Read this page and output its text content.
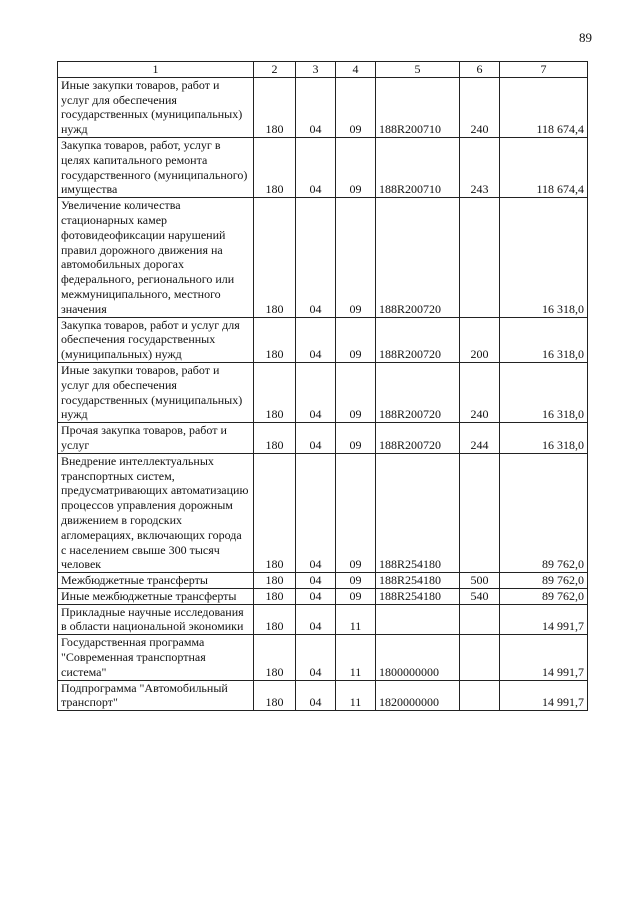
89
1	2	3	4	5	6	7
Иные закупки товаров, работ и услуг для обеспечения государственных (муниципальных) нужд	180	04	09	188R200710	240	118 674,4
Закупка товаров, работ, услуг в целях капитального ремонта государственного (муниципального) имущества	180	04	09	188R200710	243	118 674,4
Увеличение количества стационарных камер фотовидеофиксации нарушений правил дорожного движения на автомобильных дорогах федерального, регионального или межмуниципального, местного значения	180	04	09	188R200720		16 318,0
Закупка товаров, работ и услуг для обеспечения государственных (муниципальных) нужд	180	04	09	188R200720	200	16 318,0
Иные закупки товаров, работ и услуг для обеспечения государственных (муниципальных) нужд	180	04	09	188R200720	240	16 318,0
Прочая закупка товаров, работ и услуг	180	04	09	188R200720	244	16 318,0
Внедрение интеллектуальных транспортных систем, предусматривающих автоматизацию процессов управления дорожным движением в городских агломерациях, включающих города с населением свыше 300 тысяч человек	180	04	09	188R254180		89 762,0
Межбюджетные трансферты	180	04	09	188R254180	500	89 762,0
Иные межбюджетные трансферты	180	04	09	188R254180	540	89 762,0
Прикладные научные исследования в области национальной экономики	180	04	11			14 991,7
Государственная программа "Современная транспортная система"	180	04	11	1800000000		14 991,7
Подпрограмма "Автомобильный транспорт"	180	04	11	1820000000		14 991,7
